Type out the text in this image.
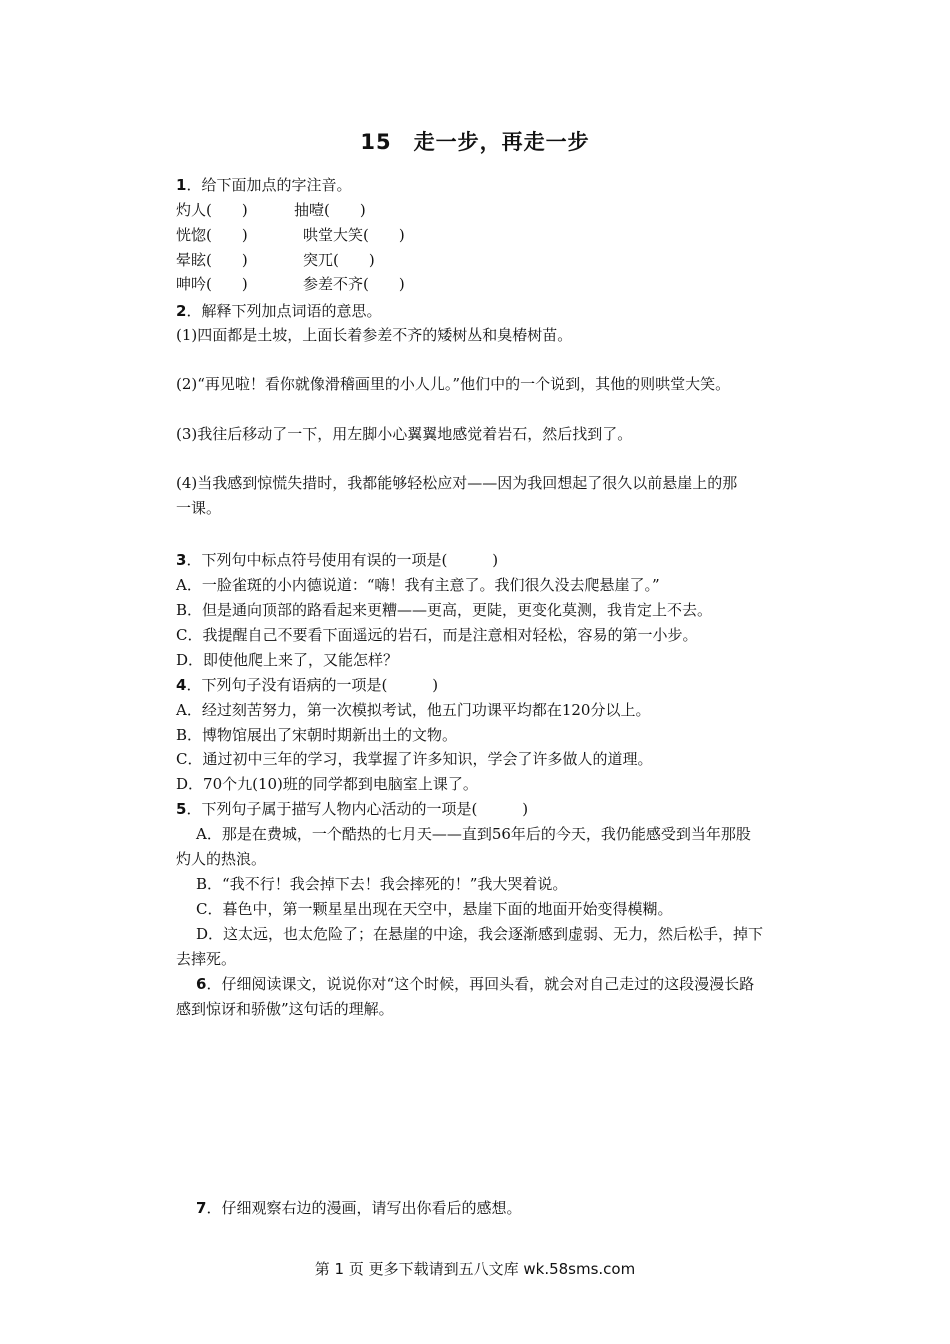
15　走一步，再走一步
1．给下面加点的字注音。
灼人(　　)	抽噎(　　)
恍惚(　　)	哄堂大笑(　　)
晕眩(　　)	突兀(　　)
呻吟(　　)	参差不齐(　　)
2．解释下列加点词语的意思。
(1)四面都是土坡，上面长着参差不齐的矮树丛和臭椿树苗。
(2)“再见啦！看你就像滑稽画里的小人儿。”他们中的一个说到，其他的则哄堂大笑。
(3)我往后移动了一下，用左脚小心翼翼地感觉着岩石，然后找到了。
(4)当我感到惊慌失措时，我都能够轻松应对——因为我回想起了很久以前悬崖上的那
一课。
3．下列句中标点符号使用有误的一项是(　　　)
A．一脸雀斑的小内德说道：“嗨！我有主意了。我们很久没去爬悬崖了。”
B．但是通向顶部的路看起来更糟——更高，更陡，更变化莫测，我肯定上不去。
C．我提醒自己不要看下面遥远的岩石，而是注意相对轻松，容易的第一小步。
D．即使他爬上来了，又能怎样？
4．下列句子没有语病的一项是(　　　)
A．经过刻苦努力，第一次模拟考试，他五门功课平均都在120分以上。
B．博物馆展出了宋朝时期新出土的文物。
C．通过初中三年的学习，我掌握了许多知识，学会了许多做人的道理。
D．70个九(10)班的同学都到电脑室上课了。
5．下列句子属于描写人物内心活动的一项是(　　　)
A．那是在费城，一个酷热的七月天——直到56年后的今天，我仍能感受到当年那股
灼人的热浪。
B．“我不行！我会掉下去！我会摔死的！”我大哭着说。
C．暮色中，第一颗星星出现在天空中，悬崖下面的地面开始变得模糊。
D．这太远，也太危险了；在悬崖的中途，我会逐渐感到虚弱、无力，然后松手，掉下
去摔死。
6．仔细阅读课文，说说你对“这个时候，再回头看，就会对自己走过的这段漫漫长路
感到惊讶和骄傲”这句话的理解。
7．仔细观察右边的漫画，请写出你看后的感想。
第 1 页 更多下载请到五八文库 wk.58sms.com
